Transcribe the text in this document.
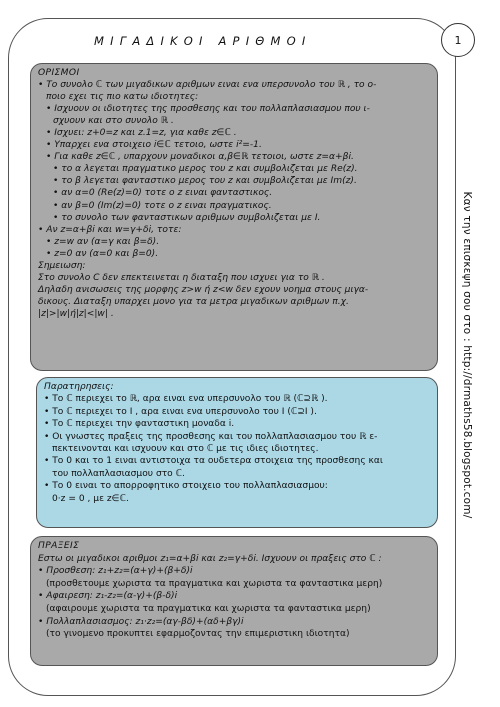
ΜΙΓΑΔΙΚΟΙ ΑΡΙΘΜΟΙ	1
Καν την επισκεψη σου στο : http://drmaths58.blogspot.com/
ΟΡΙΣΜΟΙ
• Το συνολο ℂ των μιγαδικων αριθμων ειναι ενα υπερσυνολο του ℝ , το ο-
ποιο εχει τις πιο κατω ιδιοτητες:
• Ισχυουν οι ιδιοτητες της προσθεσης και του πολλαπλασιασμου που ι-
σχυουν και στο συνολο ℝ .
• Ισχυει: z+0=z και z.1=z, για καθε z∈ℂ .
• Υπαρχει ενα στοιχειο i∈ℂ τετοιο, ωστε i²=-1.
• Για καθε z∈ℂ , υπαρχουν μοναδικοι α,β∈ℝ τετοιοι, ωστε z=α+βi.
• το α λεγεται πραγματικο μερος του z και συμβολιζεται με Re(z).
• το β λεγεται φανταστικο μερος του z και συμβολιζεται με Im(z).
• αν α=0 (Re(z)=0) τοτε ο z ειναι φανταστικος.
• αν β=0 (Im(z)=0) τοτε ο z ειναι πραγματικος.
• το συνολο των φανταστικων αριθμων συμβολιζεται με Ι.
• Αν z=α+βi και w=γ+δi, τοτε:
• z=w αν (α=γ και β=δ).
• z=0 αν (α=0 και β=0).
Σημειωση:
Στο συνολο C δεν επεκτεινεται η διαταξη που ισχυει για το ℝ .
Δηλαδη ανισωσεις της μορφης z>w ή z<w δεν εχουν νοημα στους μιγα-
δικους. Διαταξη υπαρχει μονο για τα μετρα μιγαδικων αριθμων π.χ.
|z|>|w|ή|z|<|w| .
Παρατηρησεις:
• Το ℂ περιεχει το ℝ, αρα ειναι ενα υπερσυνολο του ℝ (ℂ⊇ℝ ).
• Το ℂ περιεχει το Ι , αρα ειναι ενα υπερσυνολο του Ι (ℂ⊇Ι ).
• Το ℂ περιεχει την φανταστικη μοναδα i.
• Οι γνωστες πραξεις της προσθεσης και του πολλαπλασιασμου του ℝ ε-
πεκτεινονται και ισχυουν και στο ℂ με τις ιδιες ιδιοτητες.
• Το 0 και το 1 ειναι αντιστοιχα τα ουδετερα στοιχεια της προσθεσης και
του πολλαπλασιασμου στο ℂ.
• Το 0 ειναι το απορροφητικο στοιχειο του πολλαπλασιασμου:
0·z = 0 , με z∈ℂ.
ΠΡΑΞΕΙΣ
Εστω οι μιγαδικοι αριθμοι z₁=α+βi και z₂=γ+δi. Ισχυουν οι πραξεις στο ℂ :
• Προσθεση: z₁+z₂=(α+γ)+(β+δ)i
(προσθετουμε χωριστα τα πραγματικα και χωριστα τα φανταστικα μερη)
• Αφαιρεση: z₁-z₂=(α-γ)+(β-δ)i
(αφαιρουμε χωριστα τα πραγματικα και χωριστα τα φανταστικα μερη)
• Πολλαπλασιασμος: z₁·z₂=(αγ-βδ)+(αδ+βγ)i
(το γινομενο προκυπτει εφαρμοζοντας την επιμεριστικη ιδιοτητα)
